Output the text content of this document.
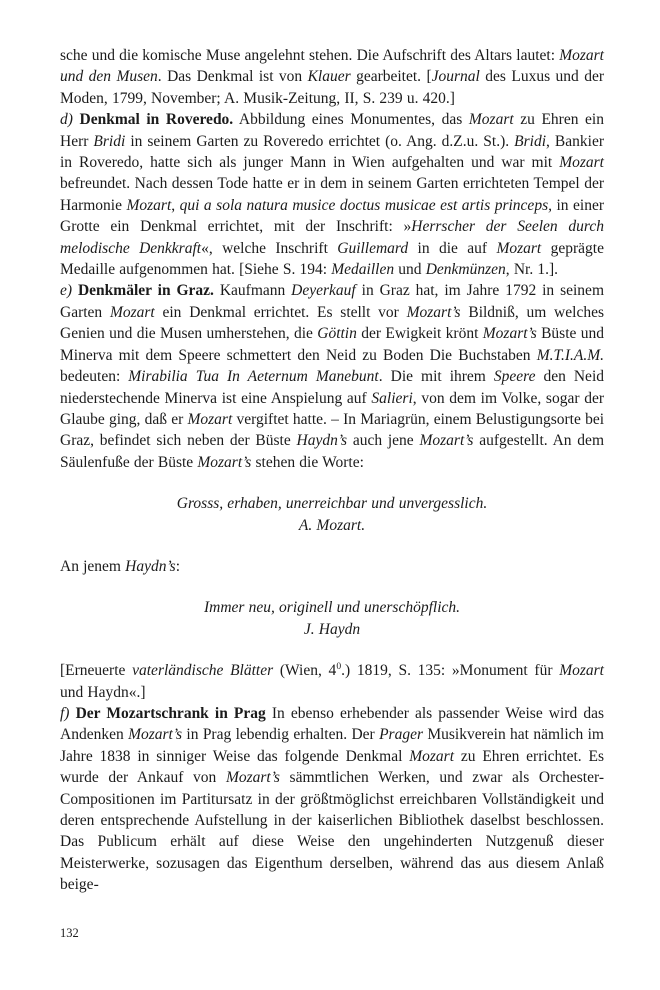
sche und die komische Muse angelehnt stehen. Die Aufschrift des Altars lautet: Mozart und den Musen. Das Denkmal ist von Klauer gearbeitet. [Journal des Luxus und der Moden, 1799, November; A. Musik-Zeitung, II, S. 239 u. 420.]

d) Denkmal in Roveredo. Abbildung eines Monumentes, das Mozart zu Ehren ein Herr Bridi in seinem Garten zu Roveredo errichtet (o. Ang. d.Z.u. St.). Bridi, Bankier in Roveredo, hatte sich als junger Mann in Wien aufgehalten und war mit Mozart befreundet. Nach dessen Tode hatte er in dem in seinem Garten errichteten Tempel der Harmonie Mozart, qui a sola natura musice doctus musicae est artis princeps, in einer Grotte ein Denkmal errichtet, mit der Inschrift: »Herrscher der Seelen durch melodische Denkkraft«, welche Inschrift Guillemard in die auf Mozart geprägte Medaille aufgenommen hat. [Siehe S. 194: Medaillen und Denkmünzen, Nr. 1.].

e) Denkmäler in Graz. Kaufmann Deyerkauf in Graz hat, im Jahre 1792 in seinem Garten Mozart ein Denkmal errichtet. Es stellt vor Mozart’s Bildniß, um welches Genien und die Musen umherstehen, die Göttin der Ewigkeit krönt Mozart’s Büste und Minerva mit dem Speere schmettert den Neid zu Boden Die Buchstaben M.T.I.A.M. bedeuten: Mirabilia Tua In Aeternum Manebunt. Die mit ihrem Speere den Neid niederstechende Minerva ist eine Anspielung auf Salieri, von dem im Volke, sogar der Glaube ging, daß er Mozart vergiftet hatte. – In Mariagrün, einem Belustigungsorte bei Graz, befindet sich neben der Büste Haydn’s auch jene Mozart’s aufgestellt. An dem Säulenfuße der Büste Mozart’s stehen die Worte:

Grosss, erhaben, unerreichbar und unvergesslich.

A. Mozart.

An jenem Haydn’s:

Immer neu, originell und unerschöpflich.

J. Haydn

[Erneuerte vaterländische Blätter (Wien, $4^0$.) 1819, S. 135: »Monument für Mozart und Haydn«.]

f) Der Mozartschrank in Prag In ebenso erhebender als passender Weise wird das Andenken Mozart’s in Prag lebendig erhalten. Der Prager Musikverein hat nämlich im Jahre 1838 in sinniger Weise das folgende Denkmal Mozart zu Ehren errichtet. Es wurde der Ankauf von Mozart’s sämmtlichen Werken, und zwar als Orchester-Compositionen im Partitursatz in der größtmöglichst erreichbaren Vollständigkeit und deren entsprechende Aufstellung in der kaiserlichen Bibliothek daselbst beschlossen. Das Publicum erhält auf diese Weise den ungehinderten Nutzgenuß dieser Meisterwerke, sozusagen das Eigenthum derselben, während das aus diesem Anlaß beige-

132
